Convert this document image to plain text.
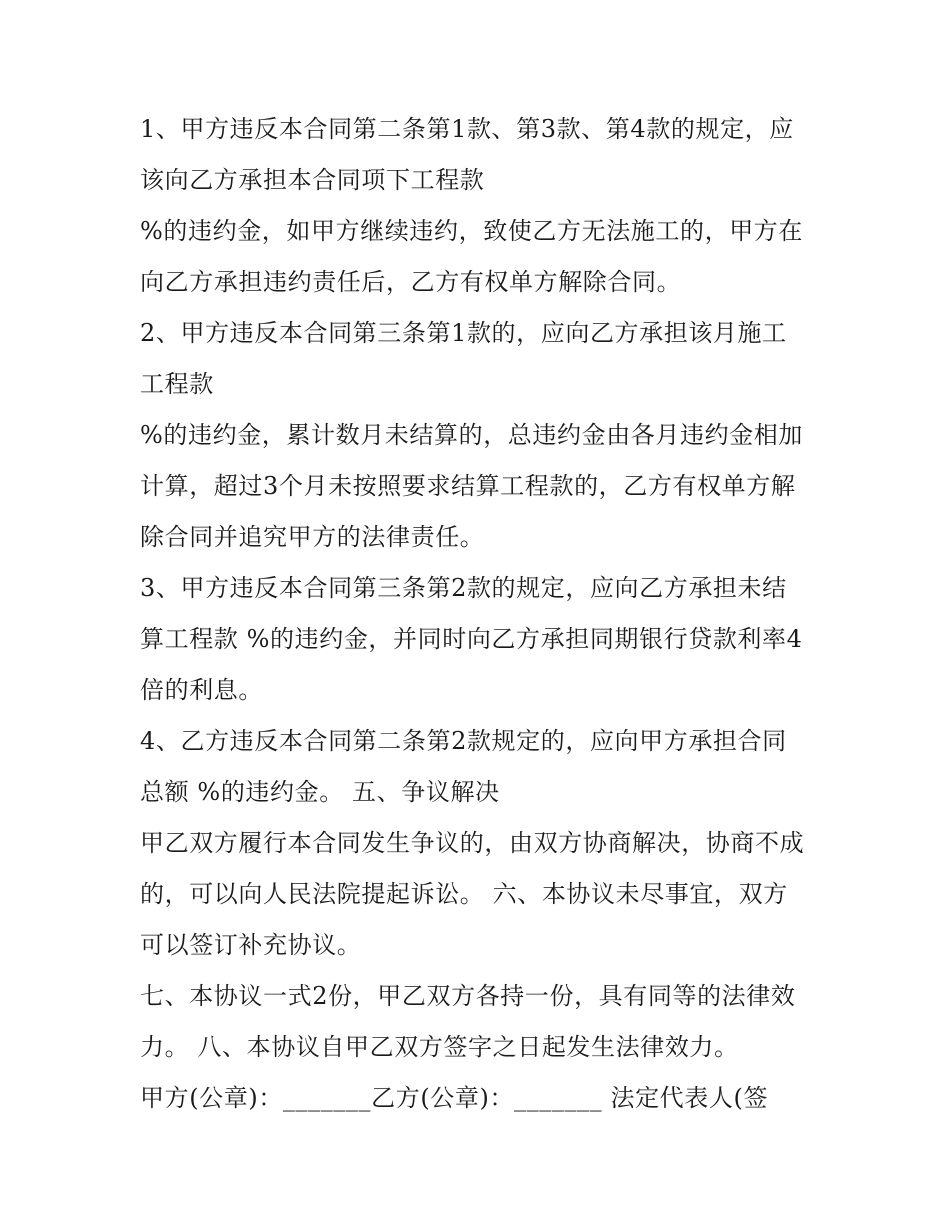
1、甲方违反本合同第二条第1款、第3款、第4款的规定，应
该向乙方承担本合同项下工程款
%的违约金，如甲方继续违约，致使乙方无法施工的，甲方在
向乙方承担违约责任后，乙方有权单方解除合同。
2、甲方违反本合同第三条第1款的，应向乙方承担该月施工
工程款
%的违约金，累计数月未结算的，总违约金由各月违约金相加
计算，超过3个月未按照要求结算工程款的，乙方有权单方解
除合同并追究甲方的法律责任。
3、甲方违反本合同第三条第2款的规定，应向乙方承担未结
算工程款 %的违约金，并同时向乙方承担同期银行贷款利率4
倍的利息。
4、乙方违反本合同第二条第2款规定的，应向甲方承担合同
总额 %的违约金。 五、争议解决
甲乙双方履行本合同发生争议的，由双方协商解决，协商不成
的，可以向人民法院提起诉讼。 六、本协议未尽事宜，双方
可以签订补充协议。
七、本协议一式2份，甲乙双方各持一份，具有同等的法律效
力。 八、本协议自甲乙双方签字之日起发生法律效力。
甲方(公章)：_______乙方(公章)：_______ 法定代表人(签
